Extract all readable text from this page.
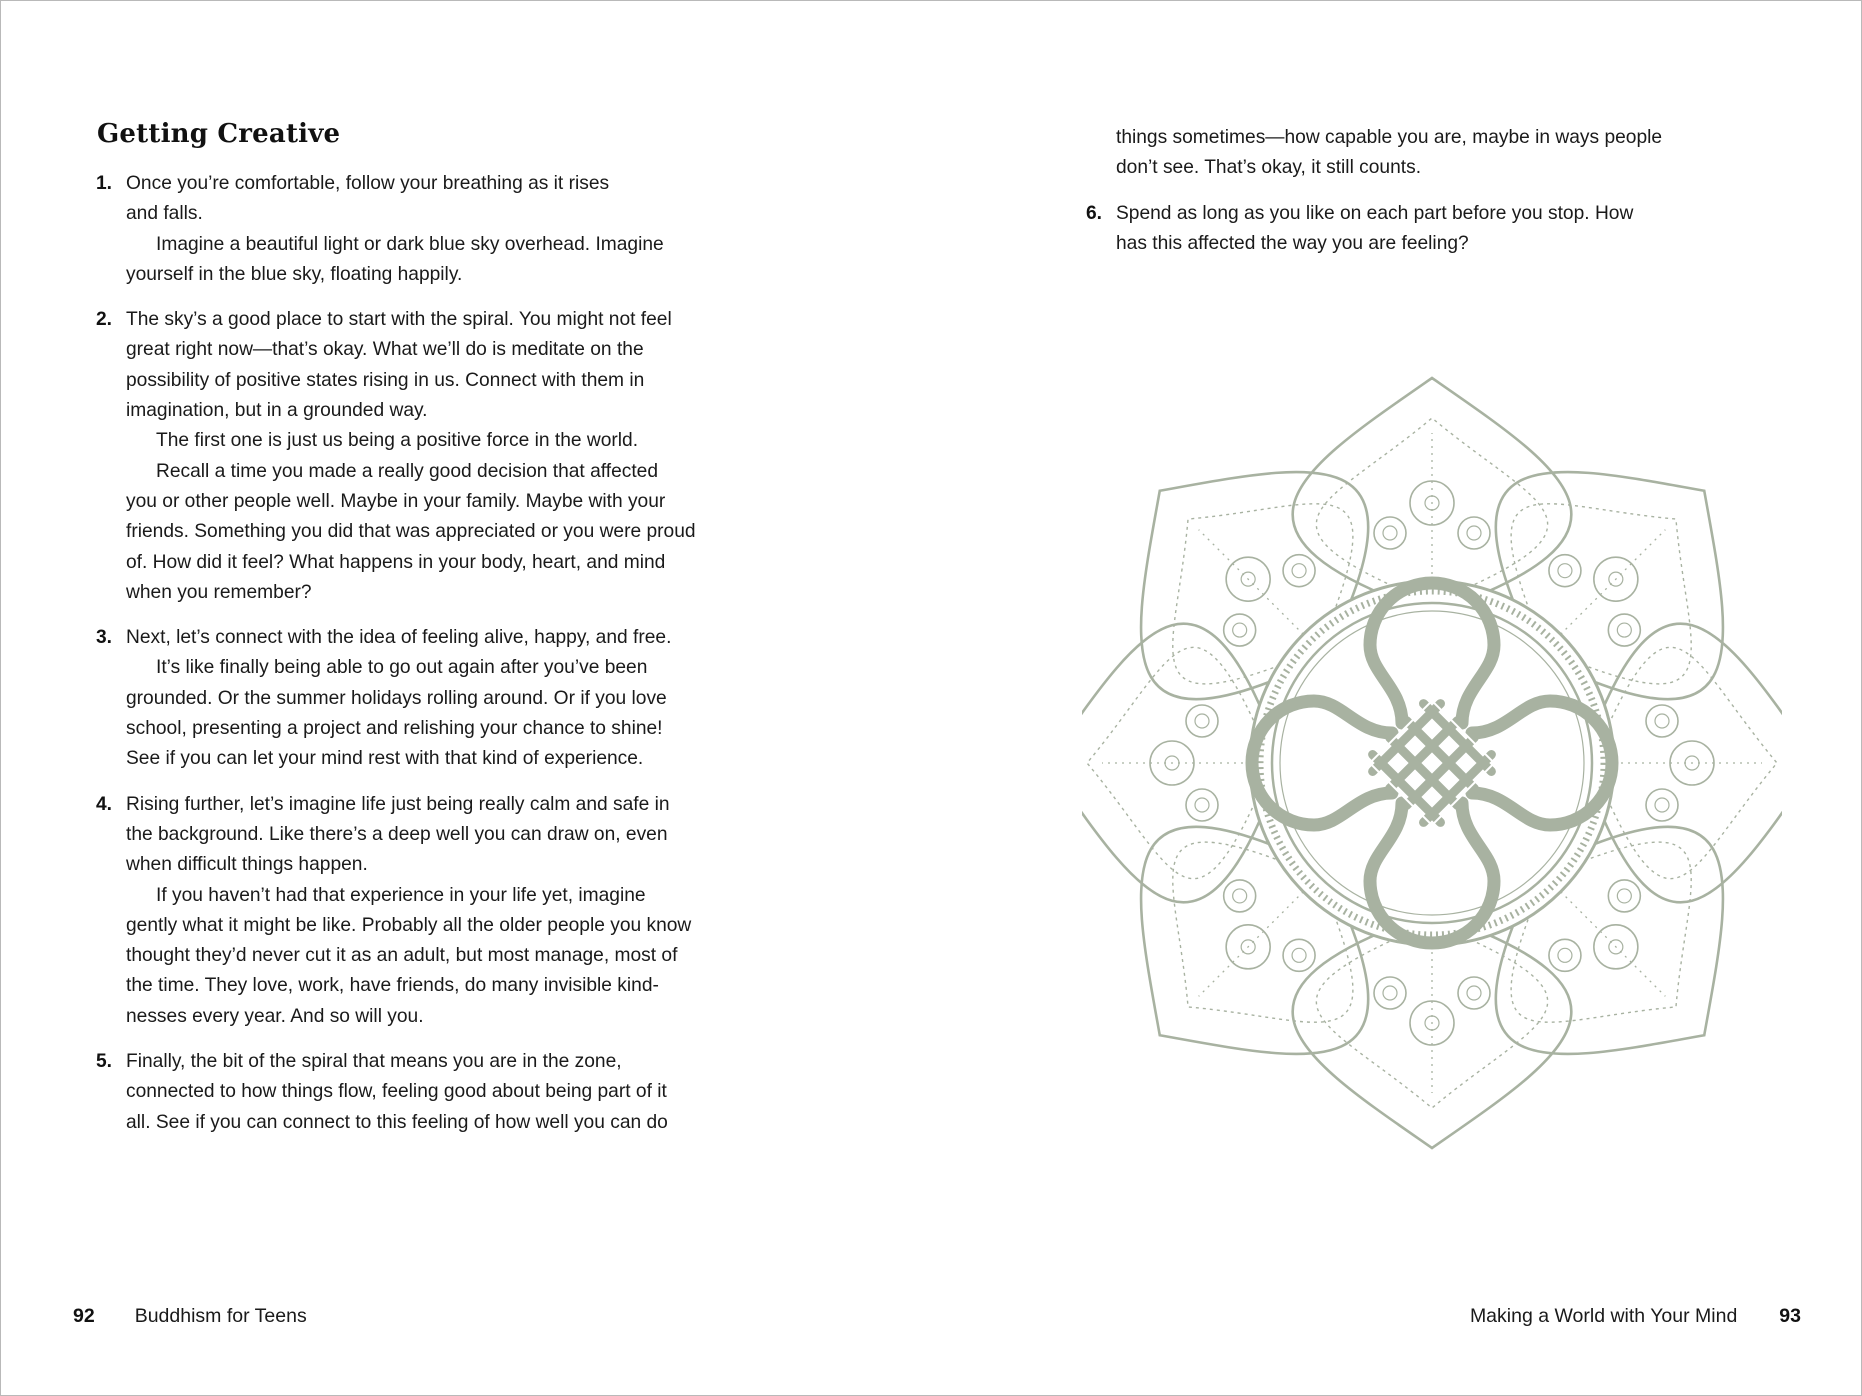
Getting Creative
1. Once you’re comfortable, follow your breathing as it rises
and falls.
Imagine a beautiful light or dark blue sky overhead. Imagine
yourself in the blue sky, floating happily.
2. The sky’s a good place to start with the spiral. You might not feel
great right now—that’s okay. What we’ll do is meditate on the
possibility of positive states rising in us. Connect with them in
imagination, but in a grounded way.
The first one is just us being a positive force in the world.
Recall a time you made a really good decision that affected
you or other people well. Maybe in your family. Maybe with your
friends. Something you did that was appreciated or you were proud
of. How did it feel? What happens in your body, heart, and mind
when you remember?
3. Next, let’s connect with the idea of feeling alive, happy, and free.
It’s like finally being able to go out again after you’ve been
grounded. Or the summer holidays rolling around. Or if you love
school, presenting a project and relishing your chance to shine!
See if you can let your mind rest with that kind of experience.
4. Rising further, let’s imagine life just being really calm and safe in
the background. Like there’s a deep well you can draw on, even
when difficult things happen.
If you haven’t had that experience in your life yet, imagine
gently what it might be like. Probably all the older people you know
thought they’d never cut it as an adult, but most manage, most of
the time. They love, work, have friends, do many invisible kind-
nesses every year. And so will you.
5. Finally, the bit of the spiral that means you are in the zone,
connected to how things flow, feeling good about being part of it
all. See if you can connect to this feeling of how well you can do
92 Buddhism for Teens
things sometimes—how capable you are, maybe in ways people
don’t see. That’s okay, it still counts.
6. Spend as long as you like on each part before you stop. How
has this affected the way you are feeling?
Making a World with Your Mind 93
